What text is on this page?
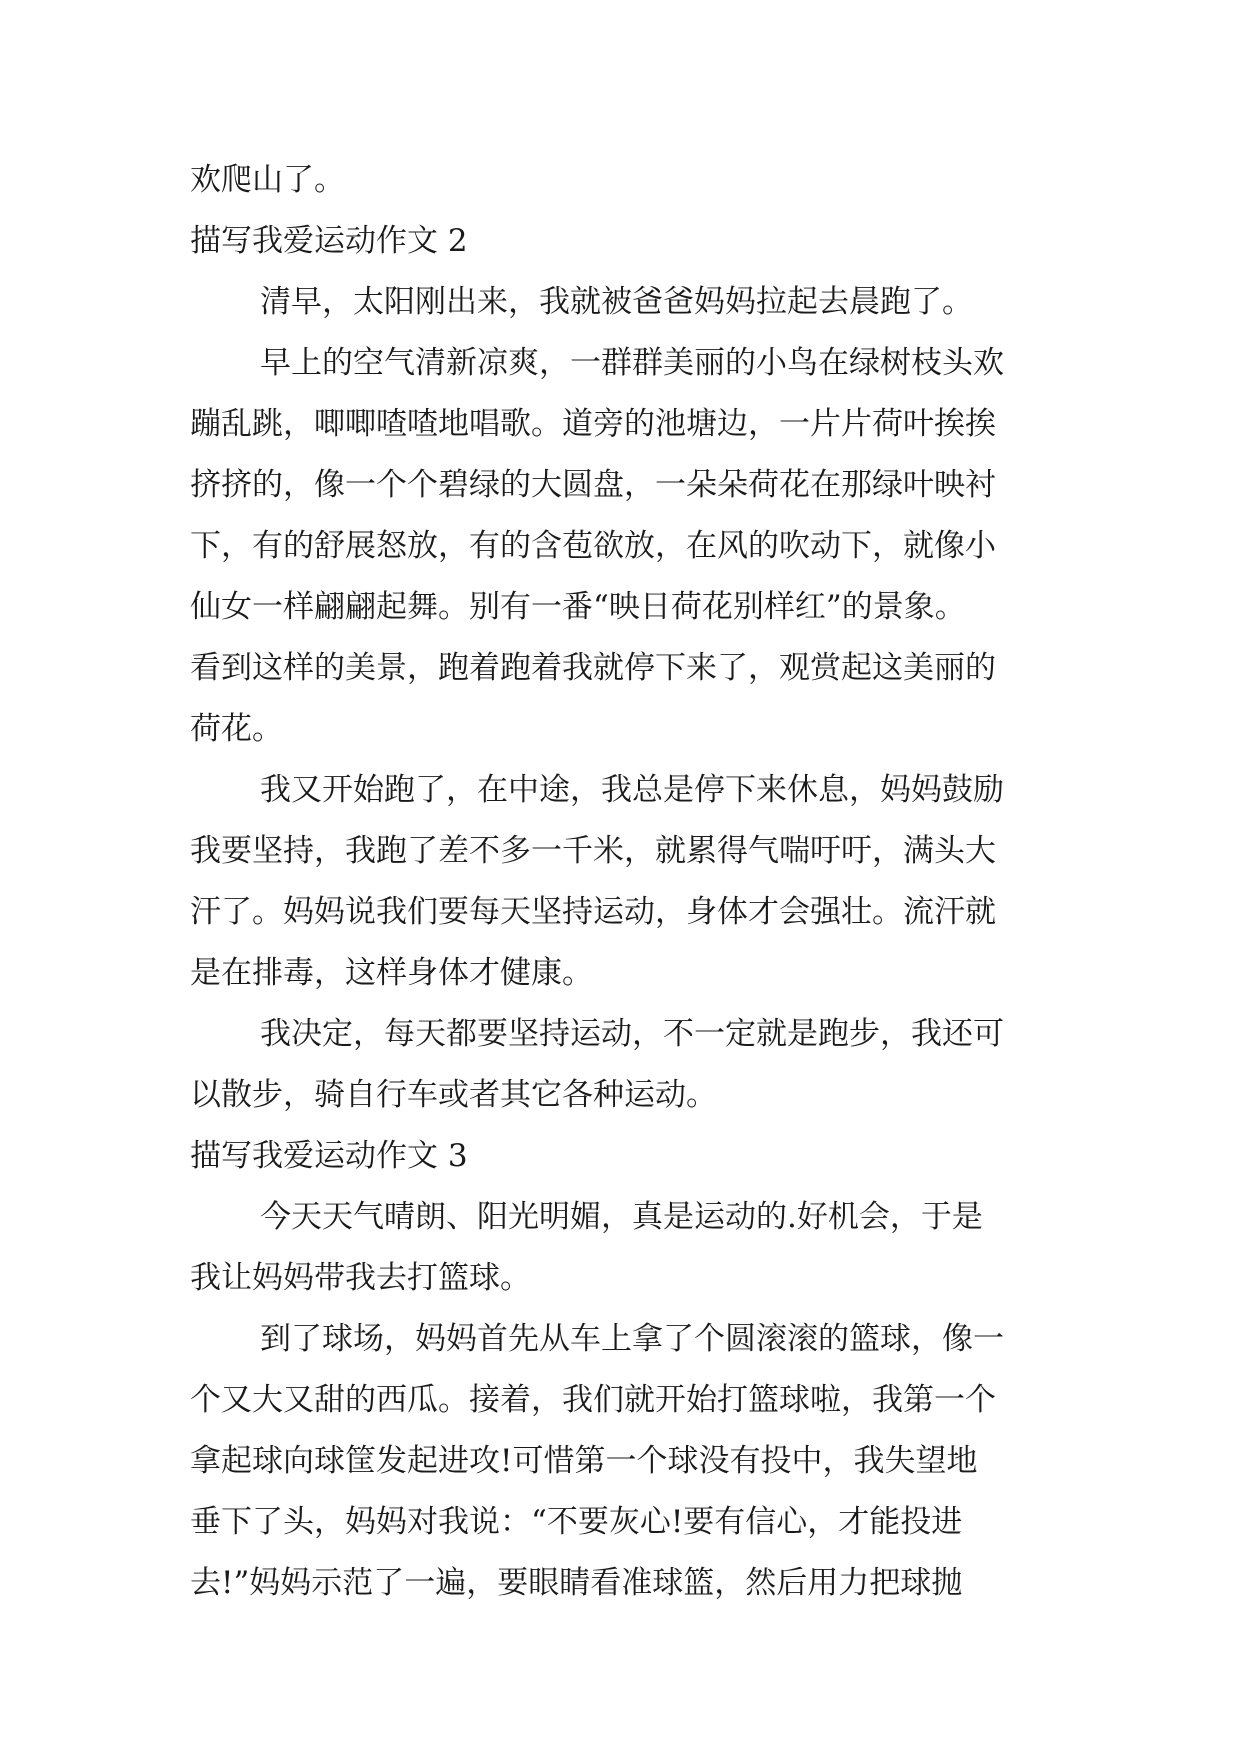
欢爬山了。
描写我爱运动作文 2
清早，太阳刚出来，我就被爸爸妈妈拉起去晨跑了。
早上的空气清新凉爽，一群群美丽的小鸟在绿树枝头欢
蹦乱跳，唧唧喳喳地唱歌。道旁的池塘边，一片片荷叶挨挨
挤挤的，像一个个碧绿的大圆盘，一朵朵荷花在那绿叶映衬
下，有的舒展怒放，有的含苞欲放，在风的吹动下，就像小
仙女一样翩翩起舞。别有一番“映日荷花别样红”的景象。
看到这样的美景，跑着跑着我就停下来了，观赏起这美丽的
荷花。
我又开始跑了，在中途，我总是停下来休息，妈妈鼓励
我要坚持，我跑了差不多一千米，就累得气喘吁吁，满头大
汗了。妈妈说我们要每天坚持运动，身体才会强壮。流汗就
是在排毒，这样身体才健康。
我决定，每天都要坚持运动，不一定就是跑步，我还可
以散步，骑自行车或者其它各种运动。
描写我爱运动作文 3
今天天气晴朗、阳光明媚，真是运动的.好机会，于是
我让妈妈带我去打篮球。
到了球场，妈妈首先从车上拿了个圆滚滚的篮球，像一
个又大又甜的西瓜。接着，我们就开始打篮球啦，我第一个
拿起球向球筐发起进攻!可惜第一个球没有投中，我失望地
垂下了头，妈妈对我说：“不要灰心!要有信心，才能投进
去!”妈妈示范了一遍，要眼睛看准球篮，然后用力把球抛
